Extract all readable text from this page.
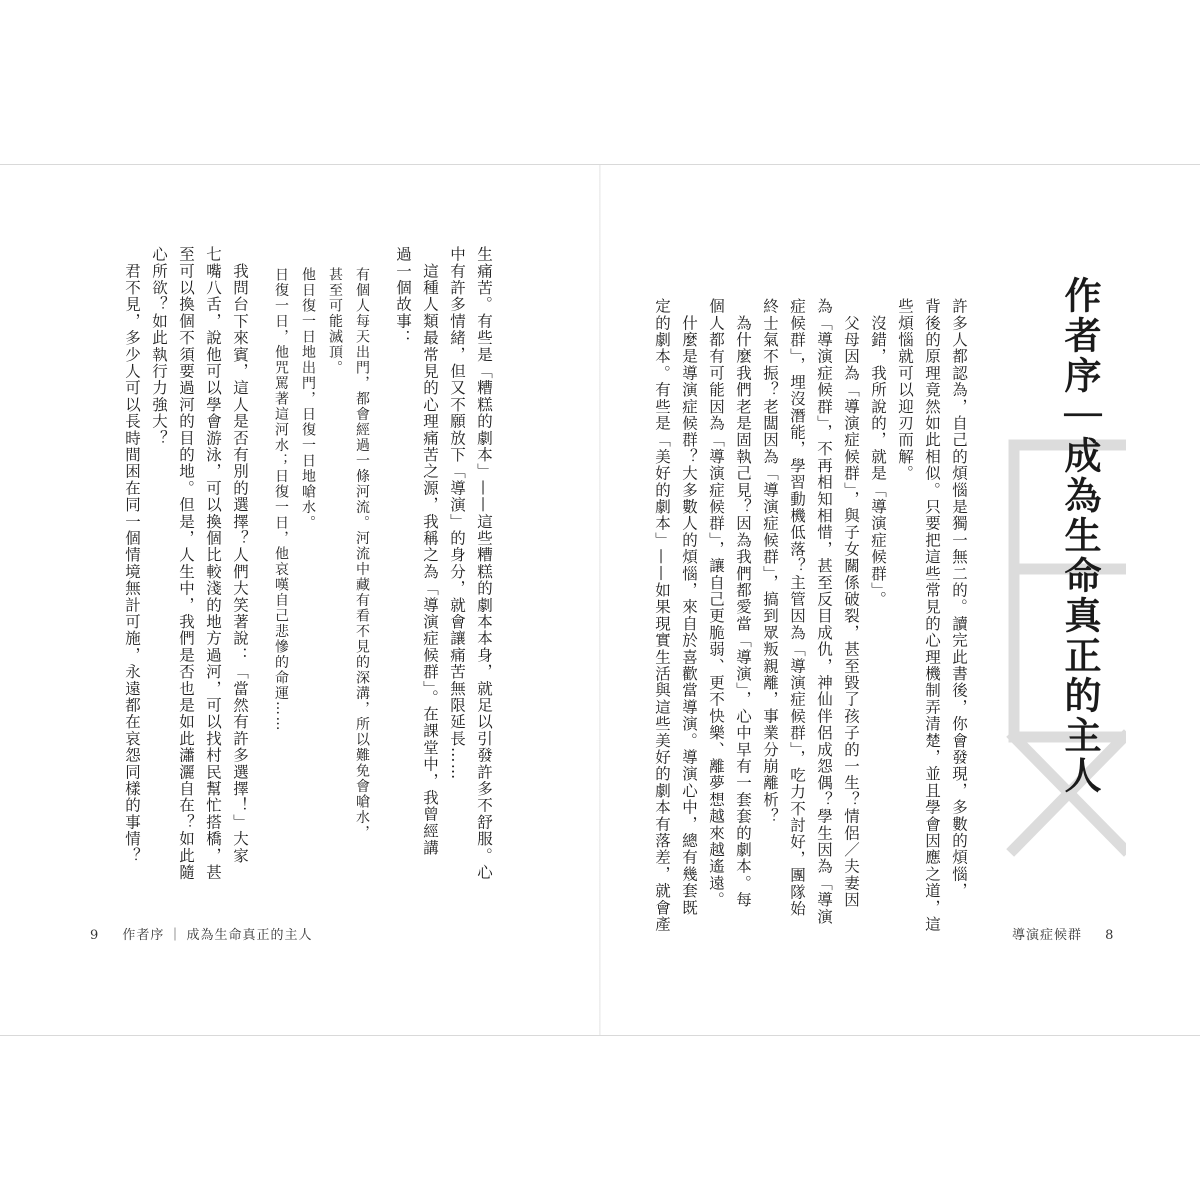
作者序｜成為生命真正的主人

許多人都認為，自己的煩惱是獨一無二的。讀完此書後，你會發現，多數的煩惱，

背後的原理竟然如此相似。只要把這些常見的心理機制弄清楚，並且學會因應之道，這

些煩惱就可以迎刃而解。

　沒錯，我所說的，就是「導演症候群」。

　父母因為「導演症候群」，與子女關係破裂，甚至毀了孩子的一生？情侶／夫妻因

為「導演症候群」，不再相知相惜，甚至反目成仇，神仙伴侶成怨偶？學生因為「導演

症候群」，埋沒潛能，學習動機低落？主管因為「導演症候群」，吃力不討好，團隊始

終士氣不振？老闆因為「導演症候群」，搞到眾叛親離，事業分崩離析？

　為什麼我們老是固執己見？因為我們都愛當「導演」，心中早有一套套的劇本。每

個人都有可能因為「導演症候群」，讓自己更脆弱、更不快樂、離夢想越來越遙遠。

　什麼是導演症候群？大多數人的煩惱，來自於喜歡當導演。導演心中，總有幾套既

定的劇本。有些是「美好的劇本」——如果現實生活與這些美好的劇本有落差，就會產

生痛苦。有些是「糟糕的劇本」——這些糟糕的劇本本身，就足以引發許多不舒服。心

中有許多情緒，但又不願放下「導演」的身分，就會讓痛苦無限延長……

　這種人類最常見的心理痛苦之源，我稱之為「導演症候群」。在課堂中，我曾經講

過一個故事：

有個人每天出門，都會經過一條河流。河流中藏有看不見的深溝，所以難免會嗆水，

甚至可能滅頂。

他日復一日地出門，日復一日地嗆水。

日復一日，他咒罵著這河水；日復一日，他哀嘆自己悲慘的命運……

　我問台下來賓，這人是否有別的選擇？人們大笑著說：「當然有許多選擇！」大家

七嘴八舌，說他可以學會游泳，可以換個比較淺的地方過河，可以找村民幫忙搭橋，甚

至可以換個不須要過河的目的地。但是，人生中，我們是否也是如此瀟灑自在？如此隨

心所欲？如此執行力強大？

　君不見，多少人可以長時間困在同一個情境無計可施，永遠都在哀怨同樣的事情？

9 作者序 ｜ 成為生命真正的主人	導演症候群 8
